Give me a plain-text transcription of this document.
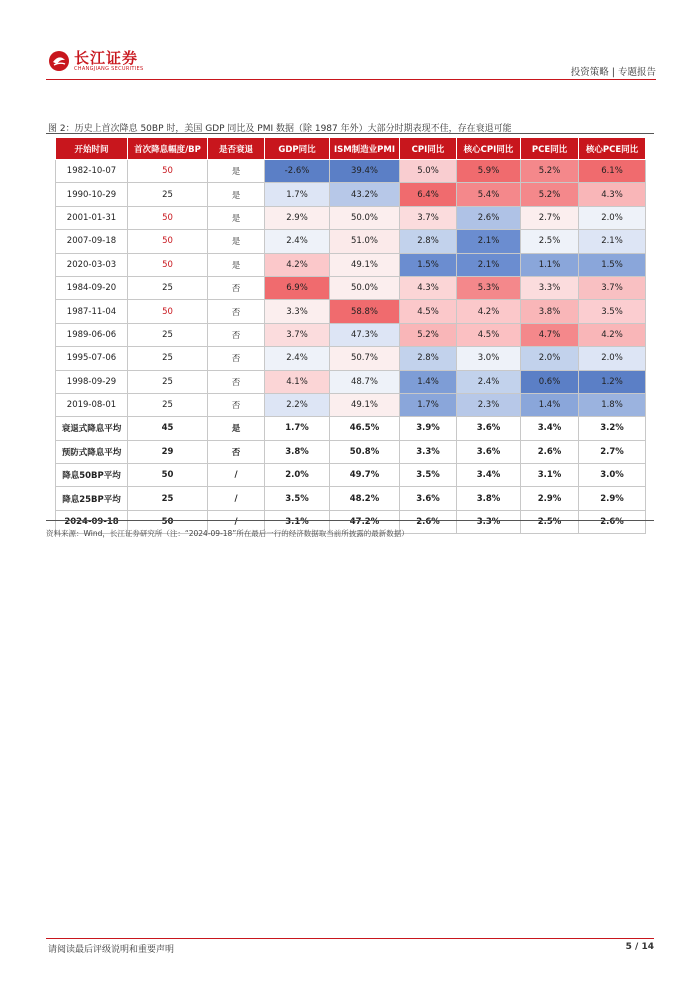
长江证券
CHANGJIANG SECURITIES	投资策略 | 专题报告
图 2：历史上首次降息 50BP 时，美国 GDP 同比及 PMI 数据（除 1987 年外）大部分时期表现不佳，存在衰退可能
开始时间	首次降息幅度/BP	是否衰退	GDP同比	ISM制造业PMI	CPI同比	核心CPI同比	PCE同比	核心PCE同比
1982-10-07	50	是	-2.6%	39.4%	5.0%	5.9%	5.2%	6.1%
1990-10-29	25	是	1.7%	43.2%	6.4%	5.4%	5.2%	4.3%
2001-01-31	50	是	2.9%	50.0%	3.7%	2.6%	2.7%	2.0%
2007-09-18	50	是	2.4%	51.0%	2.8%	2.1%	2.5%	2.1%
2020-03-03	50	是	4.2%	49.1%	1.5%	2.1%	1.1%	1.5%
1984-09-20	25	否	6.9%	50.0%	4.3%	5.3%	3.3%	3.7%
1987-11-04	50	否	3.3%	58.8%	4.5%	4.2%	3.8%	3.5%
1989-06-06	25	否	3.7%	47.3%	5.2%	4.5%	4.7%	4.2%
1995-07-06	25	否	2.4%	50.7%	2.8%	3.0%	2.0%	2.0%
1998-09-29	25	否	4.1%	48.7%	1.4%	2.4%	0.6%	1.2%
2019-08-01	25	否	2.2%	49.1%	1.7%	2.3%	1.4%	1.8%
衰退式降息平均	45	是	1.7%	46.5%	3.9%	3.6%	3.4%	3.2%
预防式降息平均	29	否	3.8%	50.8%	3.3%	3.6%	2.6%	2.7%
降息50BP平均	50	/	2.0%	49.7%	3.5%	3.4%	3.1%	3.0%
降息25BP平均	25	/	3.5%	48.2%	3.6%	3.8%	2.9%	2.9%
2024-09-18	50	/	3.1%	47.2%	2.6%	3.3%	2.5%	2.6%
资料来源：Wind，长江证券研究所（注：“2024-09-18”所在最后一行的经济数据取当前所披露的最新数据）
请阅读最后评级说明和重要声明	5 / 14
